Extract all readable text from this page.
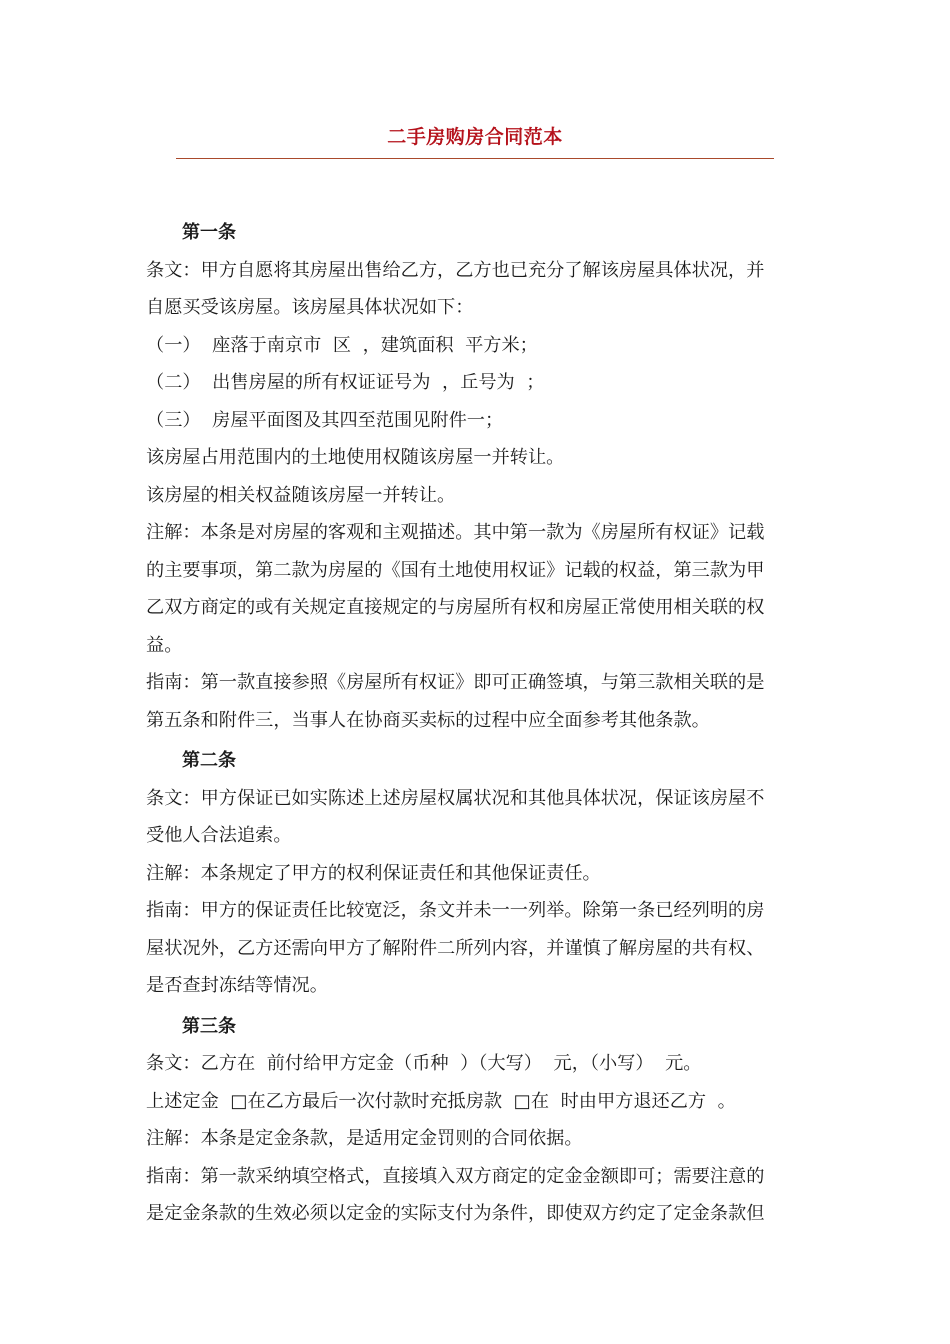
二手房购房合同范本

第一条

条文：甲方自愿将其房屋出售给乙方，乙方也已充分了解该房屋具体状况，并

自愿买受该房屋。该房屋具体状况如下：

（一）  座落于南京市  区  ，建筑面积  平方米；

（二）  出售房屋的所有权证证号为  ，丘号为  ；

（三）  房屋平面图及其四至范围见附件一；

该房屋占用范围内的土地使用权随该房屋一并转让。

该房屋的相关权益随该房屋一并转让。

注解：本条是对房屋的客观和主观描述。其中第一款为《房屋所有权证》记载

的主要事项，第二款为房屋的《国有土地使用权证》记载的权益，第三款为甲

乙双方商定的或有关规定直接规定的与房屋所有权和房屋正常使用相关联的权

益。

指南：第一款直接参照《房屋所有权证》即可正确签填，与第三款相关联的是

第五条和附件三，当事人在协商买卖标的过程中应全面参考其他条款。

第二条

条文：甲方保证已如实陈述上述房屋权属状况和其他具体状况，保证该房屋不

受他人合法追索。

注解：本条规定了甲方的权利保证责任和其他保证责任。

指南：甲方的保证责任比较宽泛，条文并未一一列举。除第一条已经列明的房

屋状况外，乙方还需向甲方了解附件二所列内容，并谨慎了解房屋的共有权、

是否查封冻结等情况。

第三条

条文：乙方在  前付给甲方定金（币种  ）（大写）  元，（小写）  元。

上述定金  □在乙方最后一次付款时充抵房款  □在  时由甲方退还乙方  。

注解：本条是定金条款，是适用定金罚则的合同依据。

指南：第一款采纳填空格式，直接填入双方商定的定金金额即可；需要注意的

是定金条款的生效必须以定金的实际支付为条件，即使双方约定了定金条款但
